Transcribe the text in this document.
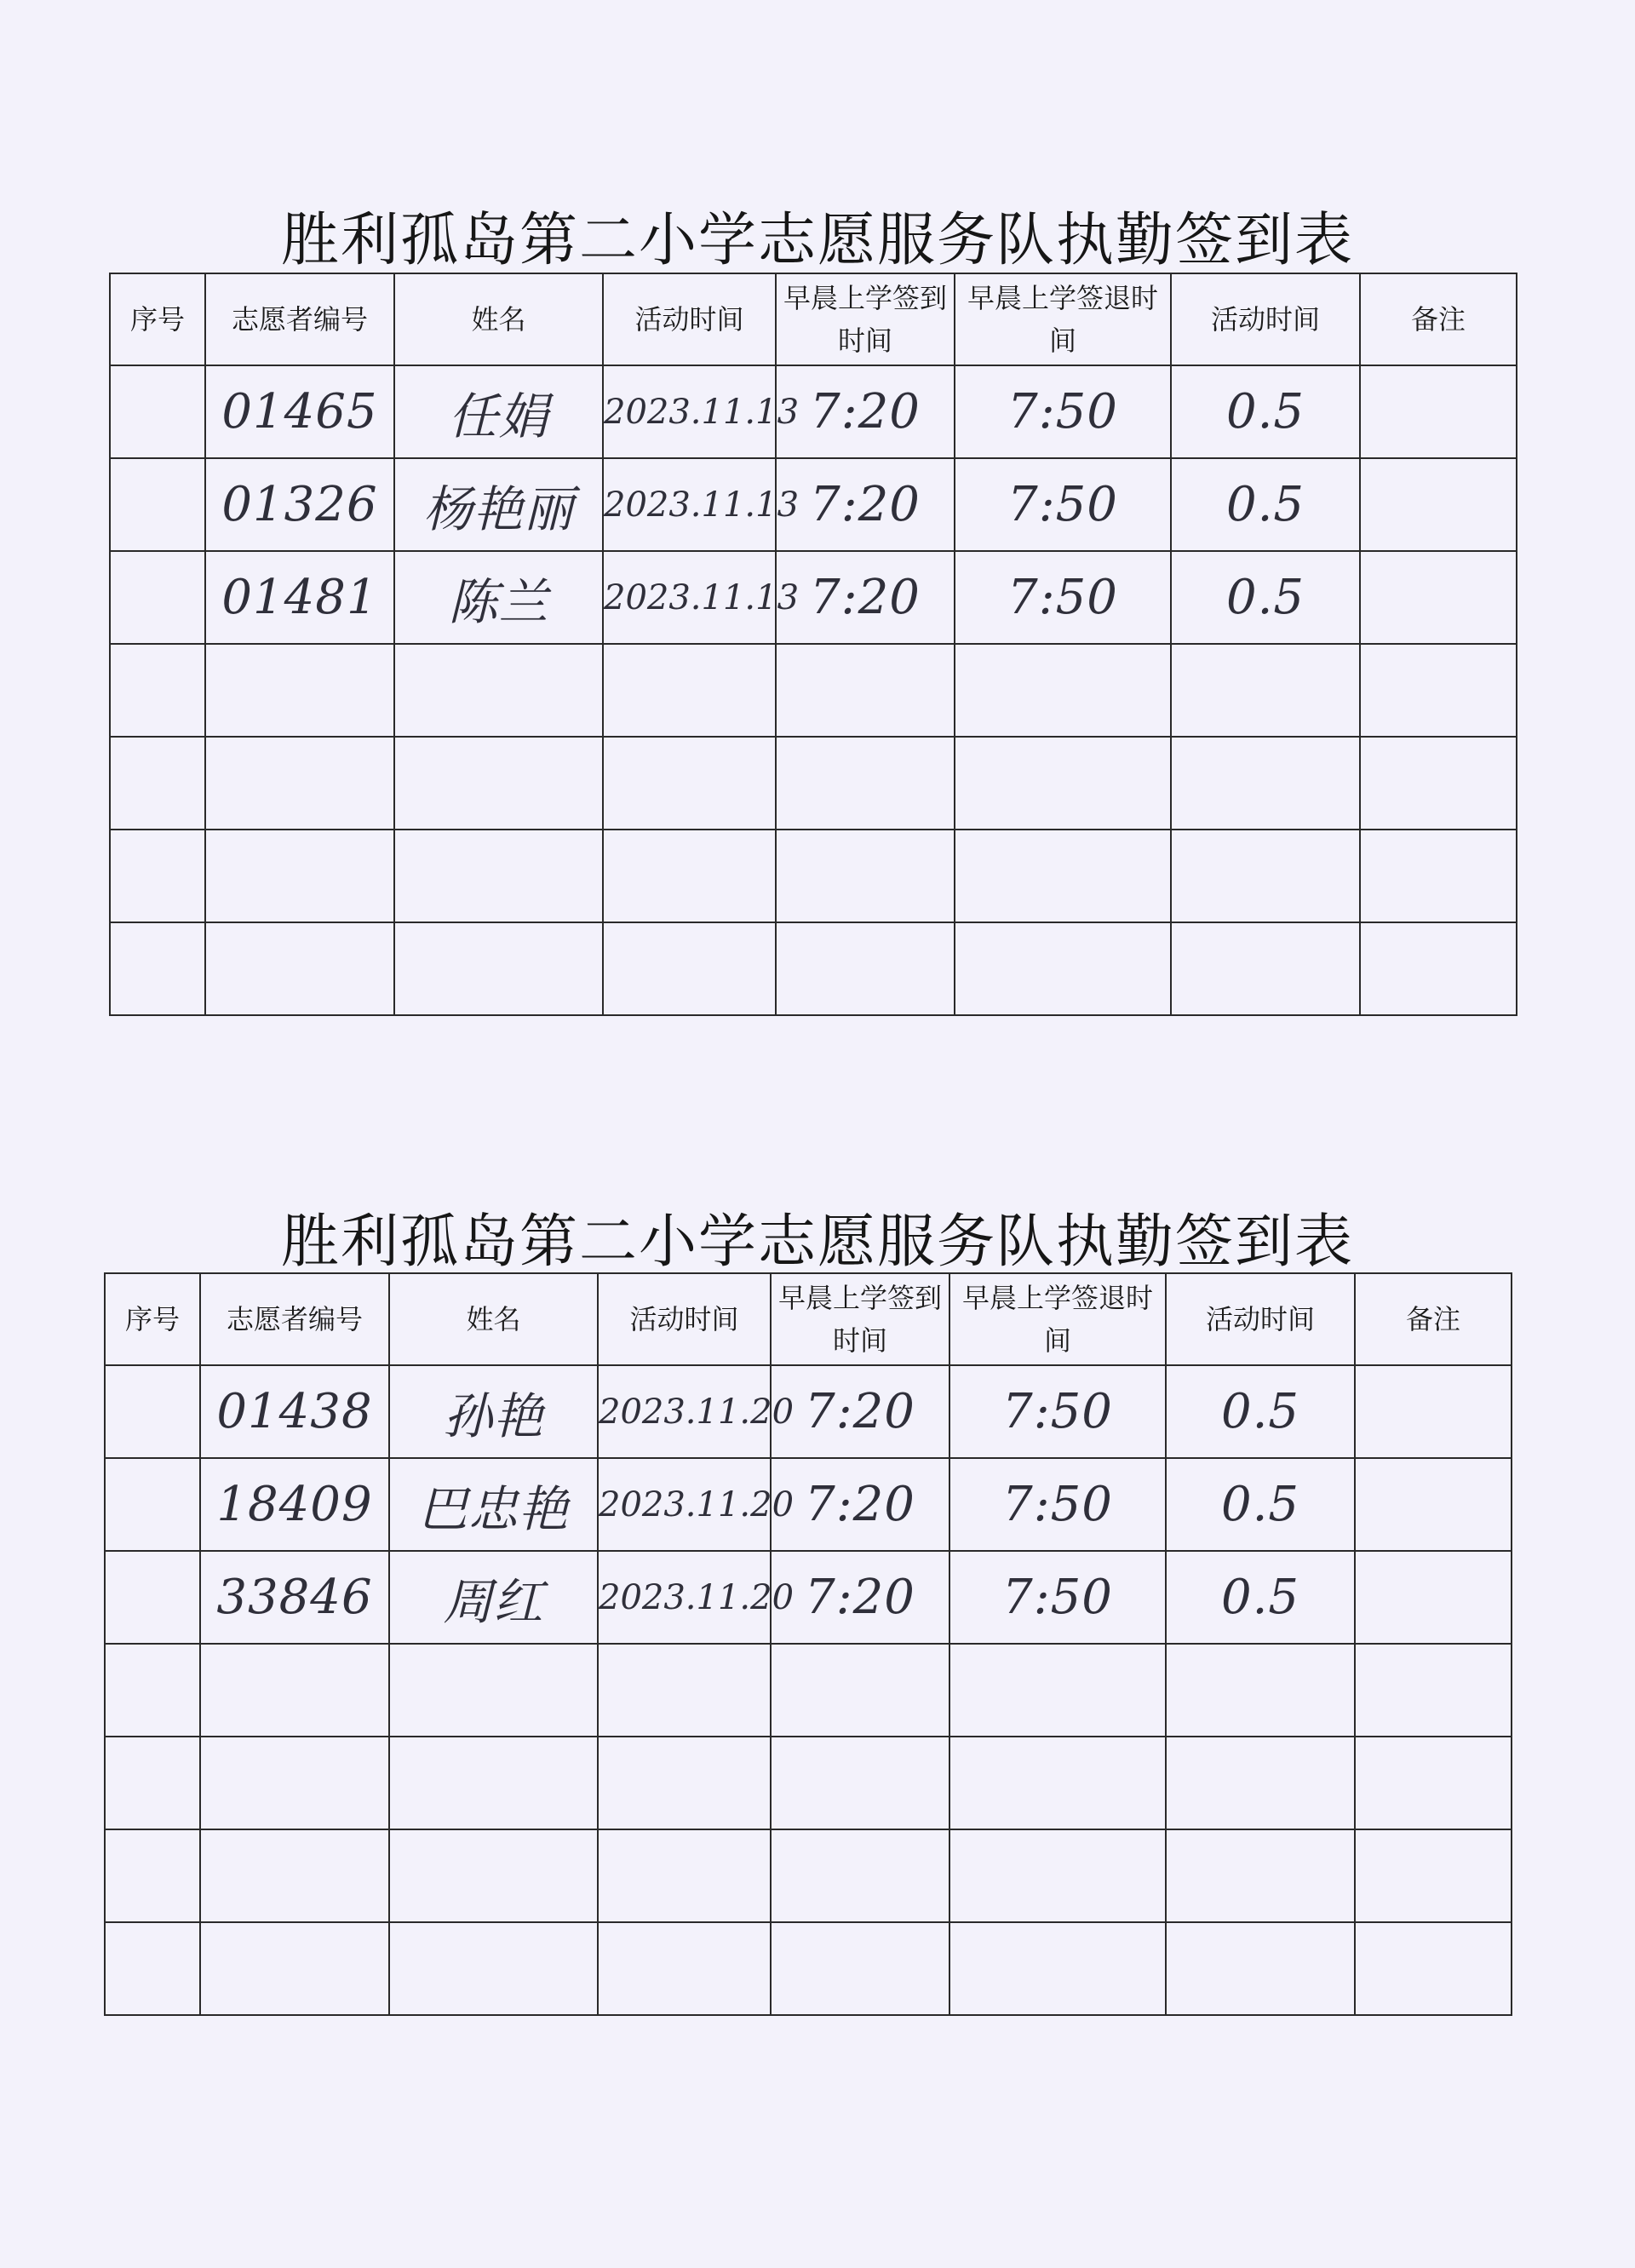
胜利孤岛第二小学志愿服务队执勤签到表
序号	志愿者编号	姓名	活动时间	早晨上学签到时间	早晨上学签退时间	活动时间	备注
	01465	任娟	2023.11.13	7:20	7:50	0.5	
	01326	杨艳丽	2023.11.13	7:20	7:50	0.5	
	01481	陈兰	2023.11.13	7:20	7:50	0.5	

胜利孤岛第二小学志愿服务队执勤签到表
序号	志愿者编号	姓名	活动时间	早晨上学签到时间	早晨上学签退时间	活动时间	备注
	01438	孙艳	2023.11.20	7:20	7:50	0.5	
	18409	巴忠艳	2023.11.20	7:20	7:50	0.5	
	33846	周红	2023.11.20	7:20	7:50	0.5	
